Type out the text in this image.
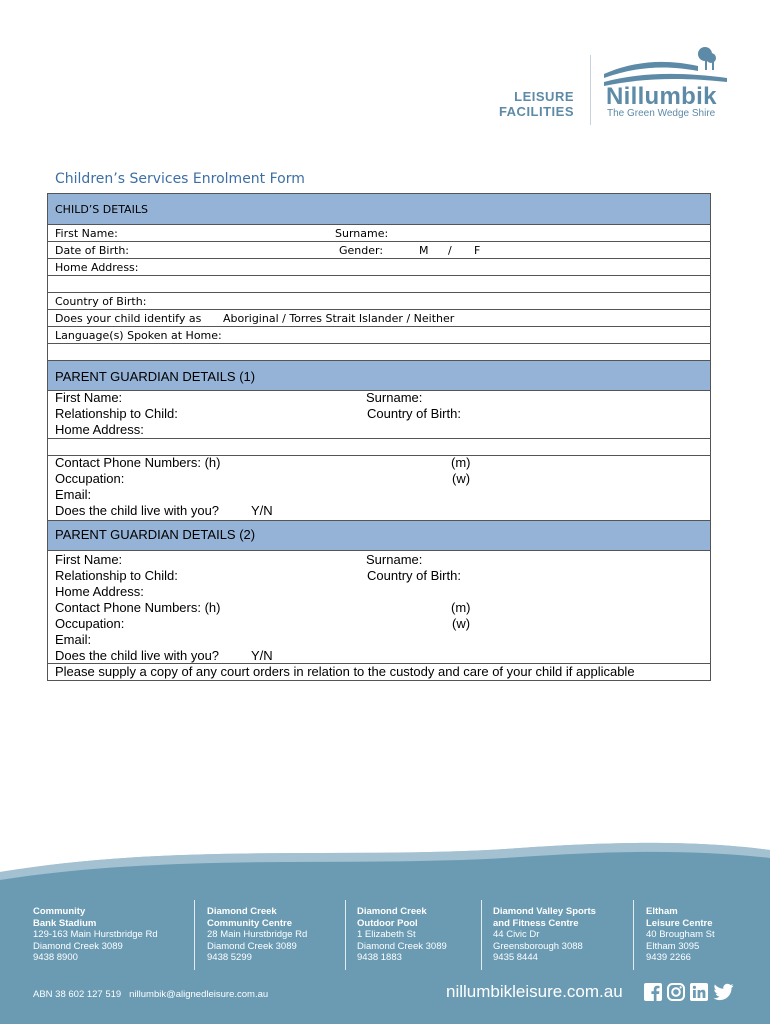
LEISURE
FACILITIES
Nillumbik
The Green Wedge Shire
Children’s Services Enrolment Form
CHILD’S DETAILS
First Name:	Surname:
Date of Birth:	Gender:	M / F
Home Address:
Country of Birth:
Does your child identify as Aboriginal / Torres Strait Islander / Neither
Language(s) Spoken at Home:
PARENT GUARDIAN DETAILS (1)
First Name:	Surname:
Relationship to Child:	Country of Birth:
Home Address:
Contact Phone Numbers: (h)	(m)
Occupation:	(w)
Email:
Does the child live with you? Y/N
PARENT GUARDIAN DETAILS (2)
First Name:	Surname:
Relationship to Child:	Country of Birth:
Home Address:
Contact Phone Numbers: (h)	(m)
Occupation:	(w)
Email:
Does the child live with you? Y/N
Please supply a copy of any court orders in relation to the custody and care of your child if applicable
Community
Bank Stadium
129-163 Main Hurstbridge Rd
Diamond Creek 3089
9438 8900
Diamond Creek
Community Centre
28 Main Hurstbridge Rd
Diamond Creek 3089
9438 5299
Diamond Creek
Outdoor Pool
1 Elizabeth St
Diamond Creek 3089
9438 1883
Diamond Valley Sports
and Fitness Centre
44 Civic Dr
Greensborough 3088
9435 8444
Eltham
Leisure Centre
40 Brougham St
Eltham 3095
9439 2266
ABN 38 602 127 519 nillumbik@alignedleisure.com.au	nillumbikleisure.com.au
